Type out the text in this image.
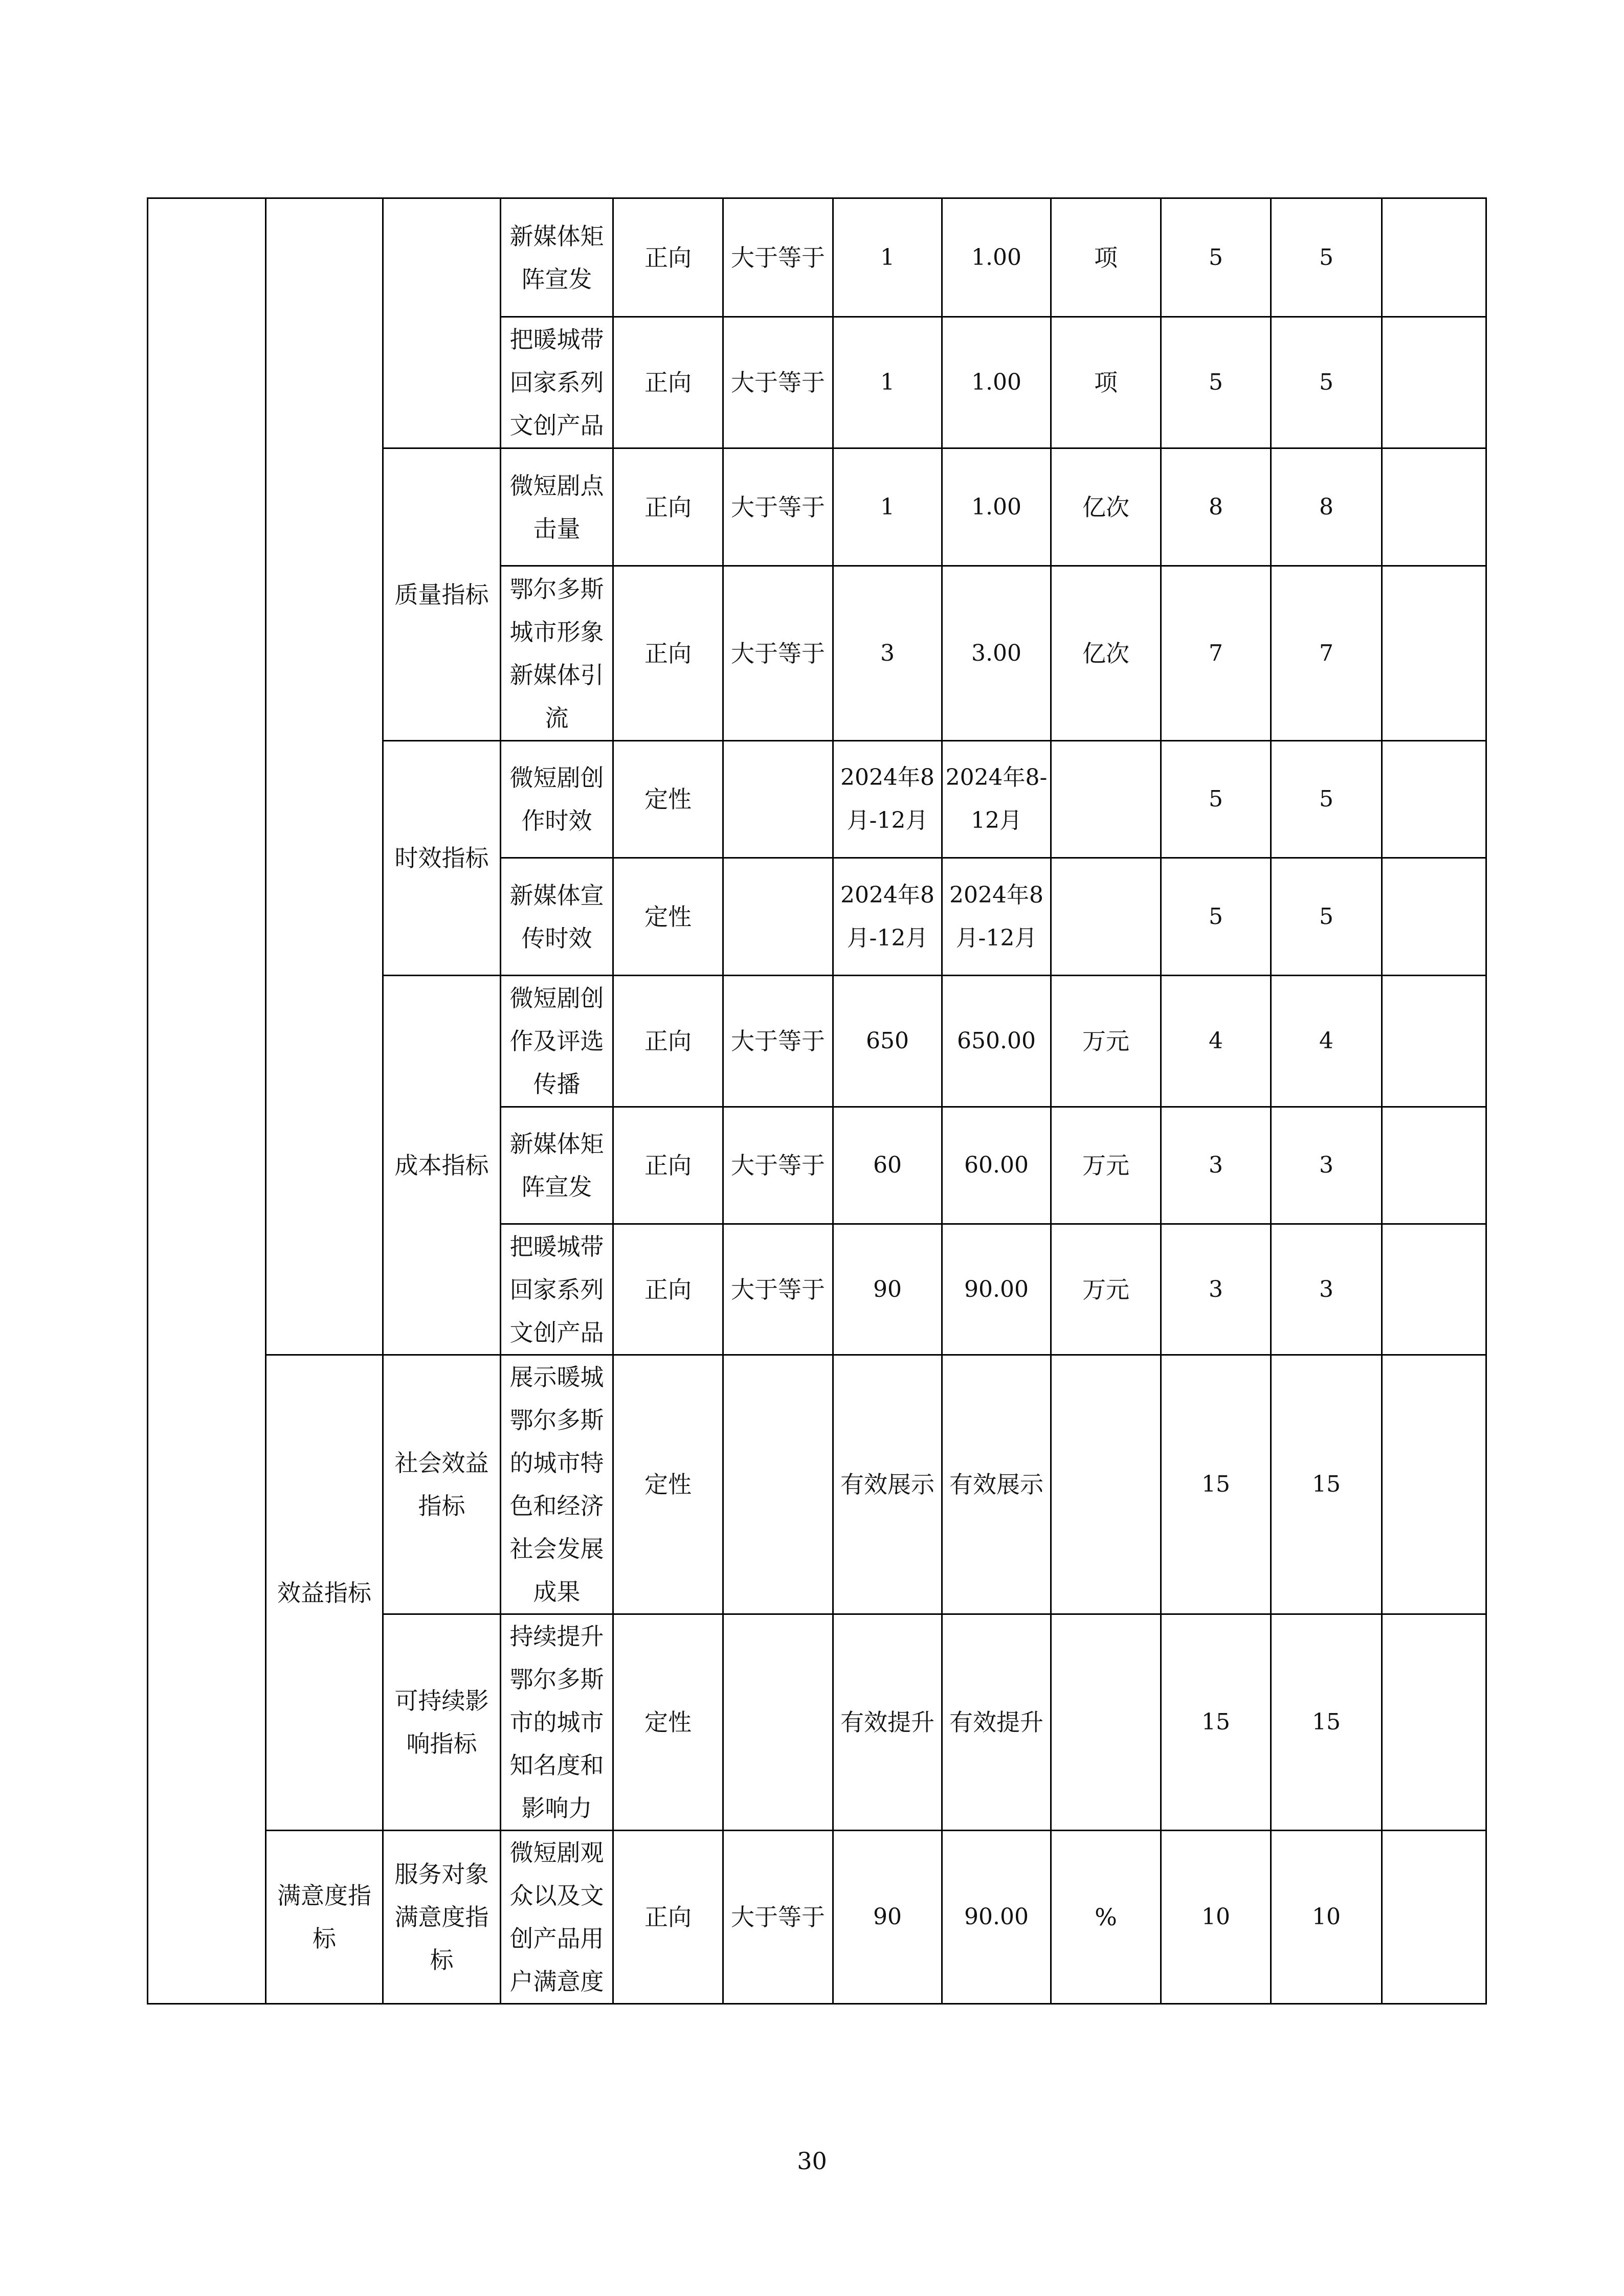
			新媒体矩阵宣发	正向	大于等于	1	1.00	项	5	5	
			把暖城带回家系列文创产品	正向	大于等于	1	1.00	项	5	5	
		质量指标	微短剧点击量	正向	大于等于	1	1.00	亿次	8	8	
			鄂尔多斯城市形象新媒体引流	正向	大于等于	3	3.00	亿次	7	7	
		时效指标	微短剧创作时效	定性		2024年8月-12月	2024年8-12月		5	5	
			新媒体宣传时效	定性		2024年8月-12月	2024年8月-12月		5	5	
		成本指标	微短剧创作及评选传播	正向	大于等于	650	650.00	万元	4	4	
			新媒体矩阵宣发	正向	大于等于	60	60.00	万元	3	3	
			把暖城带回家系列文创产品	正向	大于等于	90	90.00	万元	3	3	
	效益指标	社会效益指标	展示暖城鄂尔多斯的城市特色和经济社会发展成果	定性		有效展示	有效展示		15	15	
		可持续影响指标	持续提升鄂尔多斯市的城市知名度和影响力	定性		有效提升	有效提升		15	15	
	满意度指标	服务对象满意度指标	微短剧观众以及文创产品用户满意度	正向	大于等于	90	90.00	%	10	10	
30
